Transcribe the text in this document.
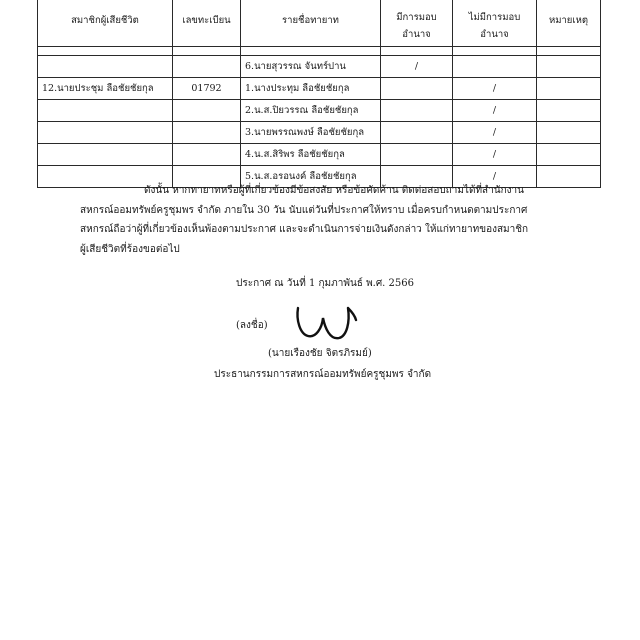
สมาชิกผู้เสียชีวิต	เลขทะเบียน	รายชื่อทายาท	มีการมอบอำนาจ	ไม่มีการมอบอำนาจ	หมายเหตุ

		6.นายสุวรรณ จันทร์ปาน	/		
12.นายประชุม ลือชัยชัยกุล	01792	1.นางประทุม ลือชัยชัยกุล		/	
		2.น.ส.ปิยวรรณ ลือชัยชัยกุล		/	
		3.นายพรรณพงษ์ ลือชัยชัยกุล		/	
		4.น.ส.สิริพร ลือชัยชัยกุล		/	
		5.น.ส.อรอนงค์ ลือชัยชัยกุล		/	
ดังนั้น หากทายาทหรือผู้ที่เกี่ยวข้องมีข้อสงสัย หรือข้อคัดค้าน ติดต่อสอบถามได้ที่สำนักงาน
สหกรณ์ออมทรัพย์ครูชุมพร จำกัด ภายใน 30 วัน นับแต่วันที่ประกาศให้ทราบ เมื่อครบกำหนดตามประกาศ
สหกรณ์ถือว่าผู้ที่เกี่ยวข้องเห็นพ้องตามประกาศ และจะดำเนินการจ่ายเงินดังกล่าว ให้แก่ทายาทของสมาชิก
ผู้เสียชีวิตที่ร้องขอต่อไป
ประกาศ ณ วันที่ 1 กุมภาพันธ์ พ.ศ. 2566
(ลงชื่อ)
(นายเรืองชัย จิตรภิรมย์)
ประธานกรรมการสหกรณ์ออมทรัพย์ครูชุมพร จำกัด
